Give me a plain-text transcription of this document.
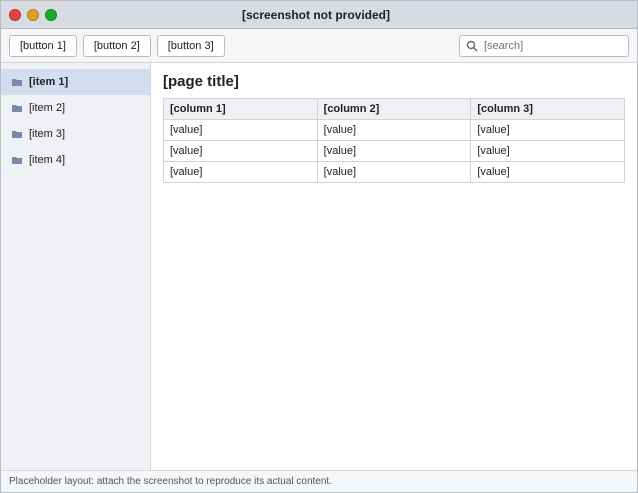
[screenshot not provided]
[button 1]	[button 2]	[button 3]
[search]
[item 1]
[item 2]
[item 3]
[item 4]
[page title]
[column 1]	[column 2]	[column 3]
[value]	[value]	[value]
[value]	[value]	[value]
[value]	[value]	[value]
Placeholder layout: attach the screenshot to reproduce its actual content.
